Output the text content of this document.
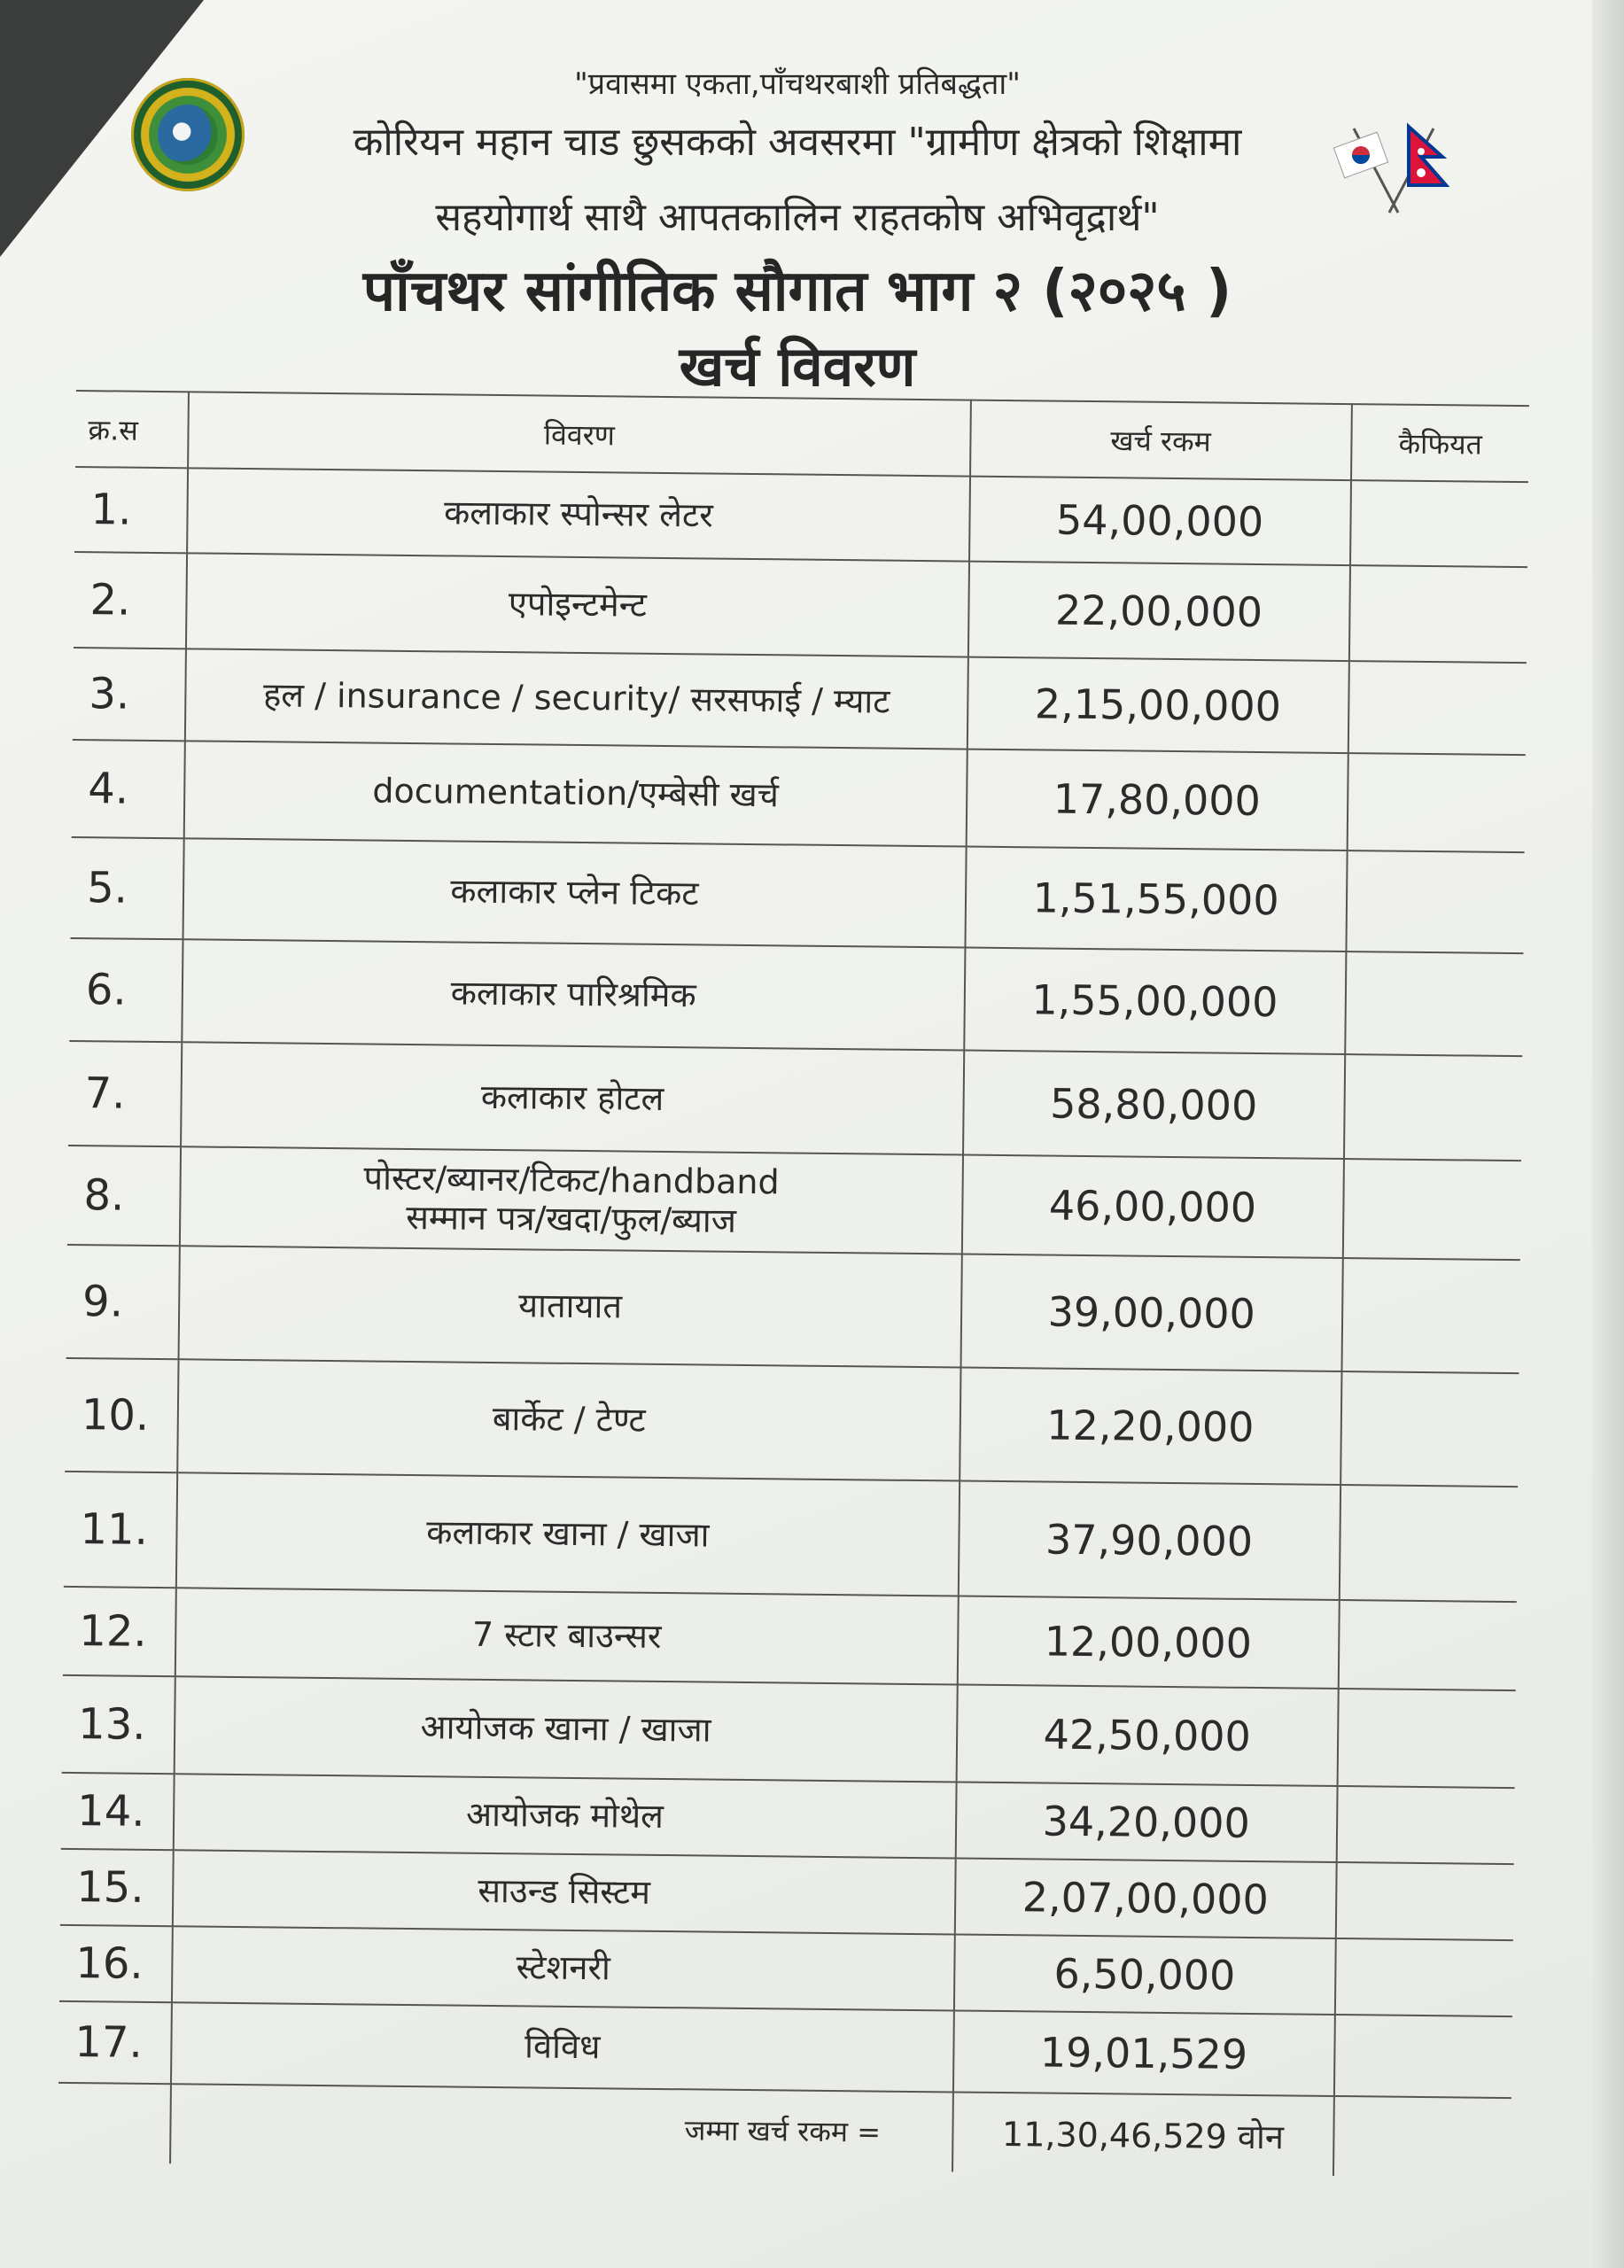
"प्रवासमा एकता,पाँचथरबाशी प्रतिबद्धता"
कोरियन महान चाड छुसकको अवसरमा "ग्रामीण क्षेत्रको शिक्षामा
सहयोगार्थ साथै आपतकालिन राहतकोष अभिवृद्रार्थ"
पाँचथर सांगीतिक सौगात भाग २ (२०२५ )
खर्च विवरण
क्र.स	विवरण	खर्च रकम	कैफियत
1.	कलाकार स्पोन्सर लेटर	54,00,000	
2.	एपोइन्टमेन्ट	22,00,000	
3.	हल / insurance / security/ सरसफाई / म्याट	2,15,00,000	
4.	documentation/एम्बेसी खर्च	17,80,000	
5.	कलाकार प्लेन टिकट	1,51,55,000	
6.	कलाकार पारिश्रमिक	1,55,00,000	
7.	कलाकार होटल	58,80,000	
8.	पोस्टर/ब्यानर/टिकट/handband
सम्मान पत्र/खदा/फुल/ब्याज	46,00,000	
9.	यातायात	39,00,000	
10.	बार्केट / टेण्ट	12,20,000	
11.	कलाकार खाना / खाजा	37,90,000	
12.	7 स्टार बाउन्सर	12,00,000	
13.	आयोजक खाना / खाजा	42,50,000	
14.	आयोजक मोथेल	34,20,000	
15.	साउन्ड सिस्टम	2,07,00,000	
16.	स्टेशनरी	6,50,000	
17.	विविध	19,01,529	
	जम्मा खर्च रकम =	11,30,46,529 वोन	
